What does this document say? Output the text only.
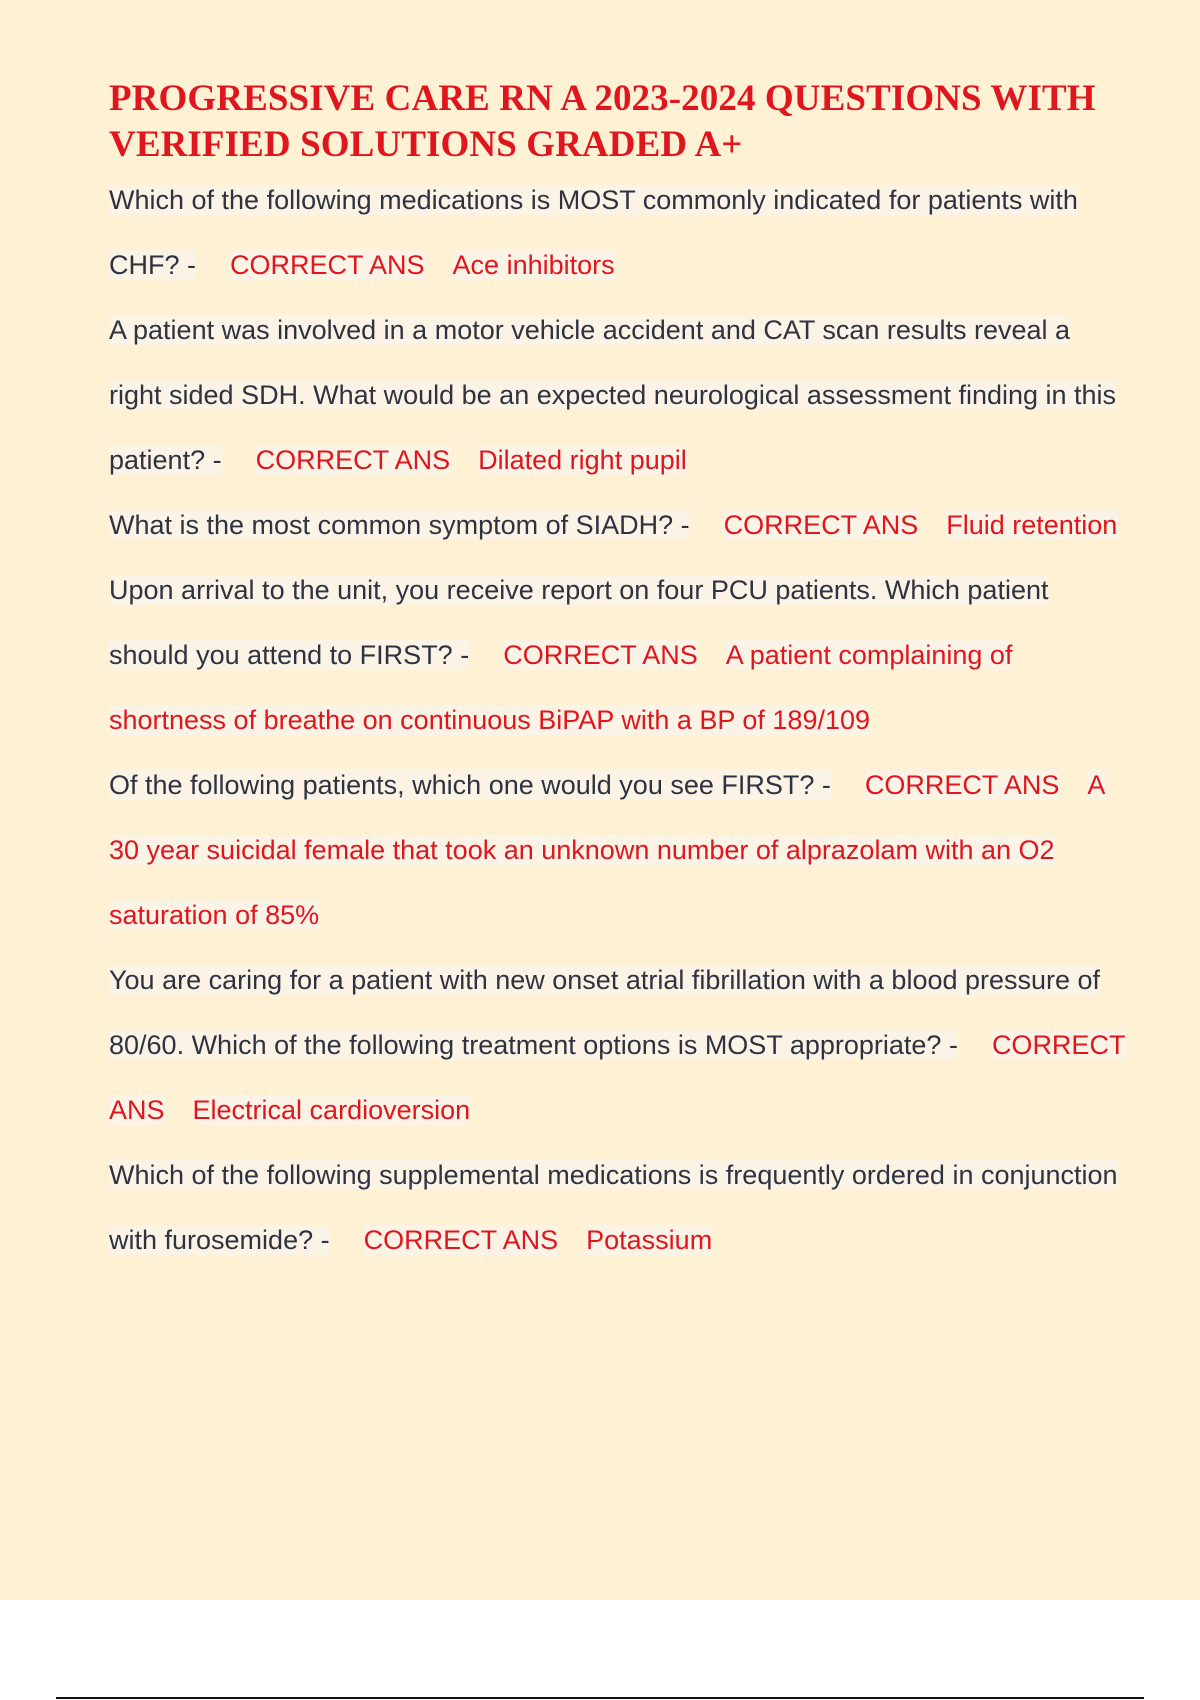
PROGRESSIVE CARE RN A 2023-2024 QUESTIONS WITH VERIFIED SOLUTIONS GRADED A+
Which of the following medications is MOST commonly indicated for patients with CHF? - CORRECT ANS Ace inhibitors
A patient was involved in a motor vehicle accident and CAT scan results reveal a right sided SDH. What would be an expected neurological assessment finding in this patient? - CORRECT ANS Dilated right pupil
What is the most common symptom of SIADH? - CORRECT ANS Fluid retention
Upon arrival to the unit, you receive report on four PCU patients. Which patient should you attend to FIRST? - CORRECT ANS A patient complaining of shortness of breathe on continuous BiPAP with a BP of 189/109
Of the following patients, which one would you see FIRST? - CORRECT ANS A 30 year suicidal female that took an unknown number of alprazolam with an O2 saturation of 85%
You are caring for a patient with new onset atrial fibrillation with a blood pressure of 80/60. Which of the following treatment options is MOST appropriate? - CORRECT ANS Electrical cardioversion
Which of the following supplemental medications is frequently ordered in conjunction with furosemide? - CORRECT ANS Potassium
